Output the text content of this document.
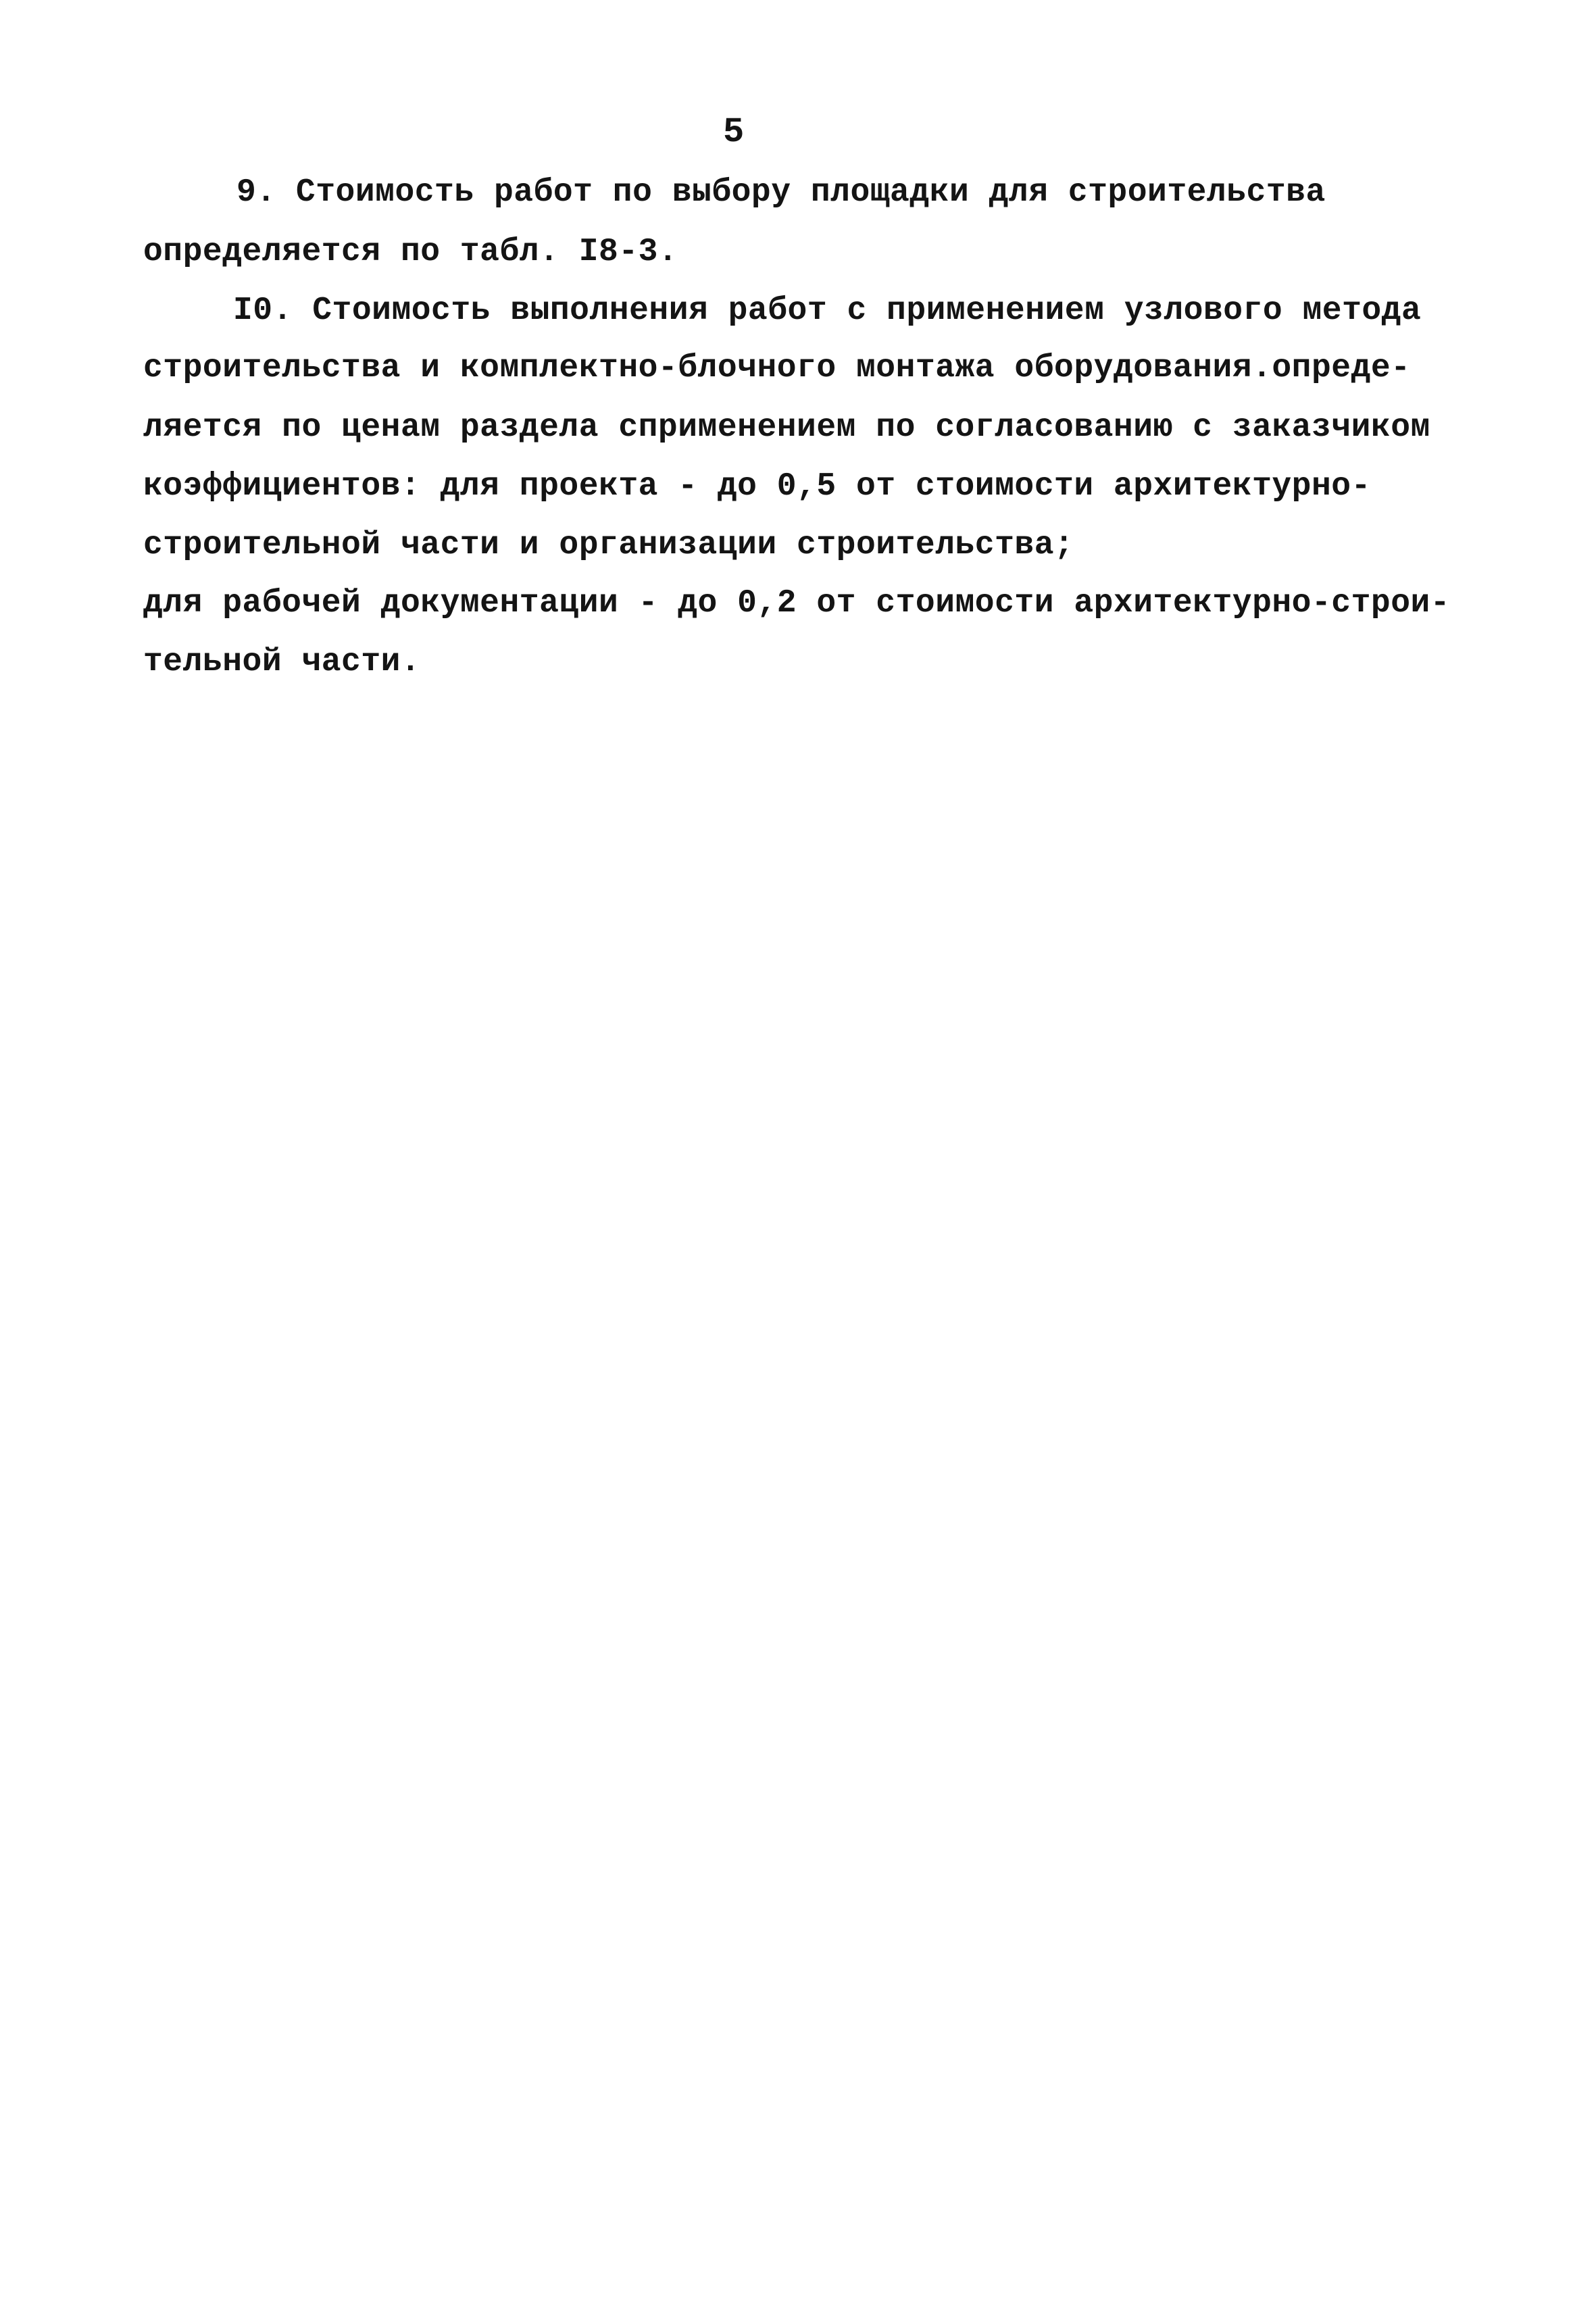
5
9. Стоимость работ по выбору площадки для строительства
определяется по табл. I8-3.
I0. Стоимость выполнения работ с применением узлового метода
строительства и комплектно-блочного монтажа оборудования.опреде-
ляется по ценам раздела сприменением по согласованию с заказчиком
коэффициентов: для проекта - до 0,5 от стоимости архитектурно-
строительной части и организации строительства;
для рабочей документации - до 0,2 от стоимости архитектурно-строи-
тельной части.
